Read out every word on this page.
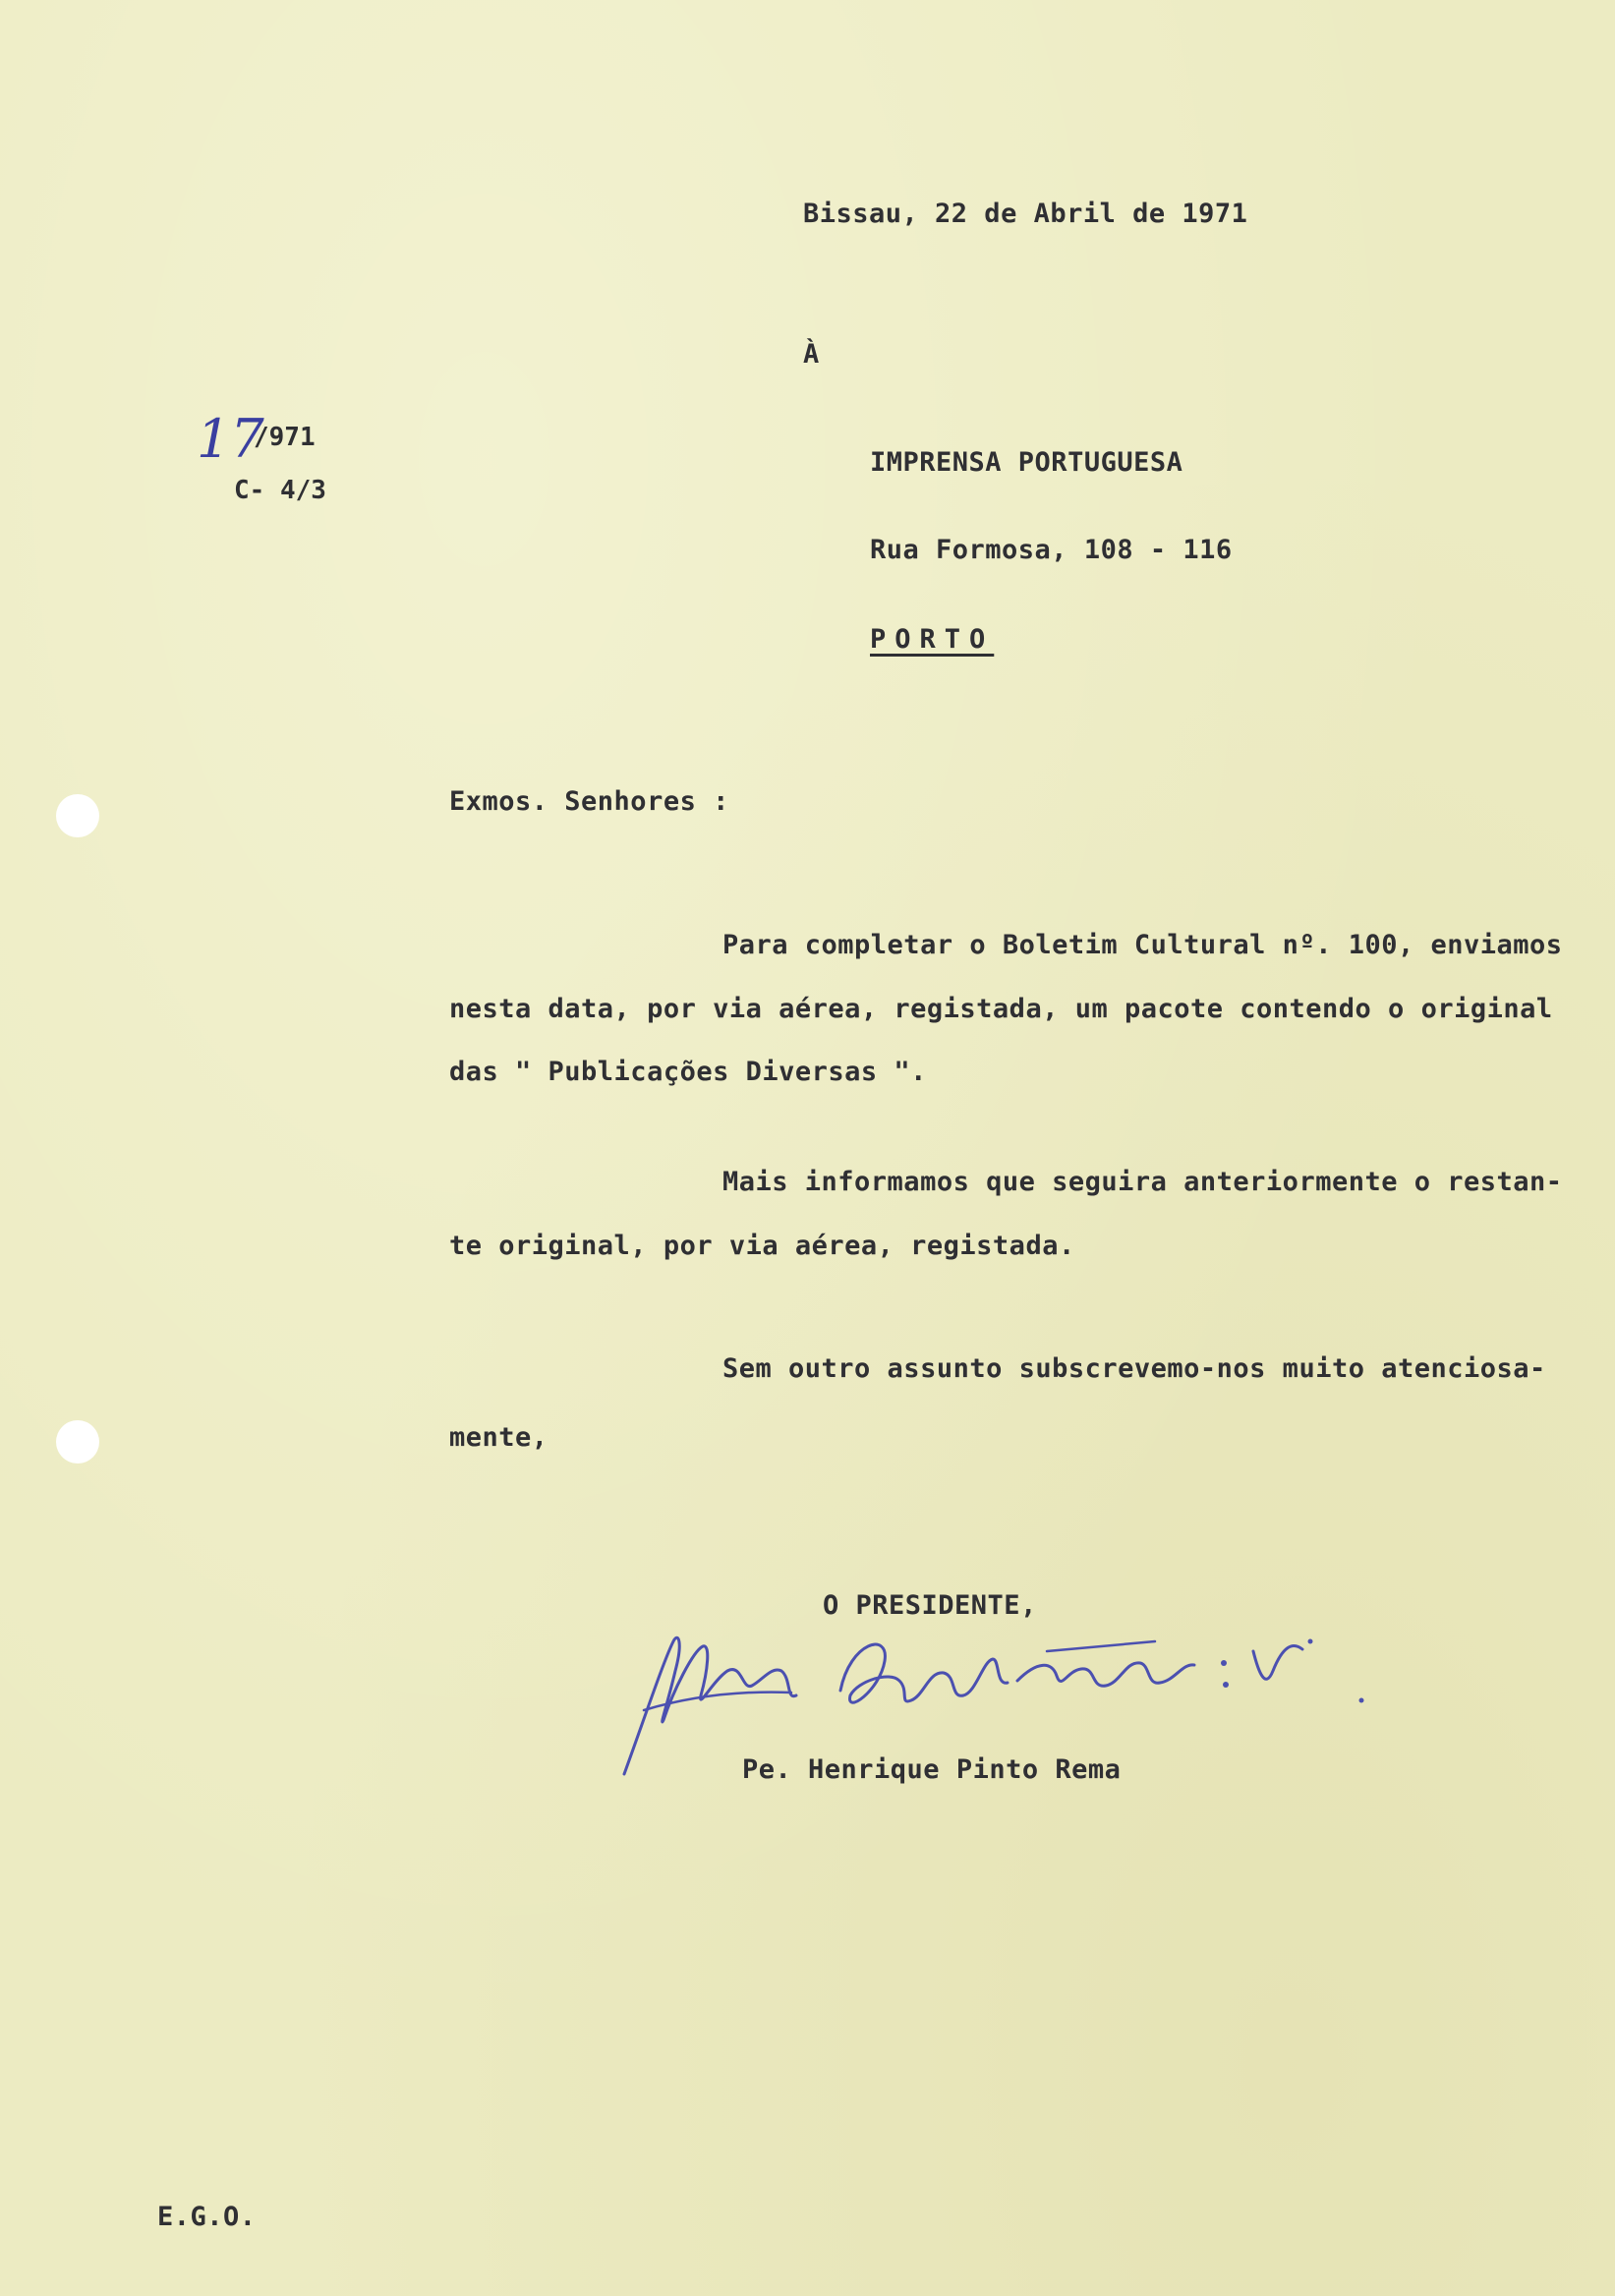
Bissau, 22 de Abril de 1971
À
17
/971
C- 4/3
IMPRENSA PORTUGUESA
Rua Formosa, 108 - 116
PORTO
Exmos. Senhores :
Para completar o Boletim Cultural nº. 100, enviamos
nesta data, por via aérea, registada, um pacote contendo o original
das " Publicações Diversas ".
Mais informamos que seguira anteriormente o restan-
te original, por via aérea, registada.
Sem outro assunto subscrevemo-nos muito atenciosa-
mente,
O PRESIDENTE,
Pe. Henrique Pinto Rema
E.G.O.
